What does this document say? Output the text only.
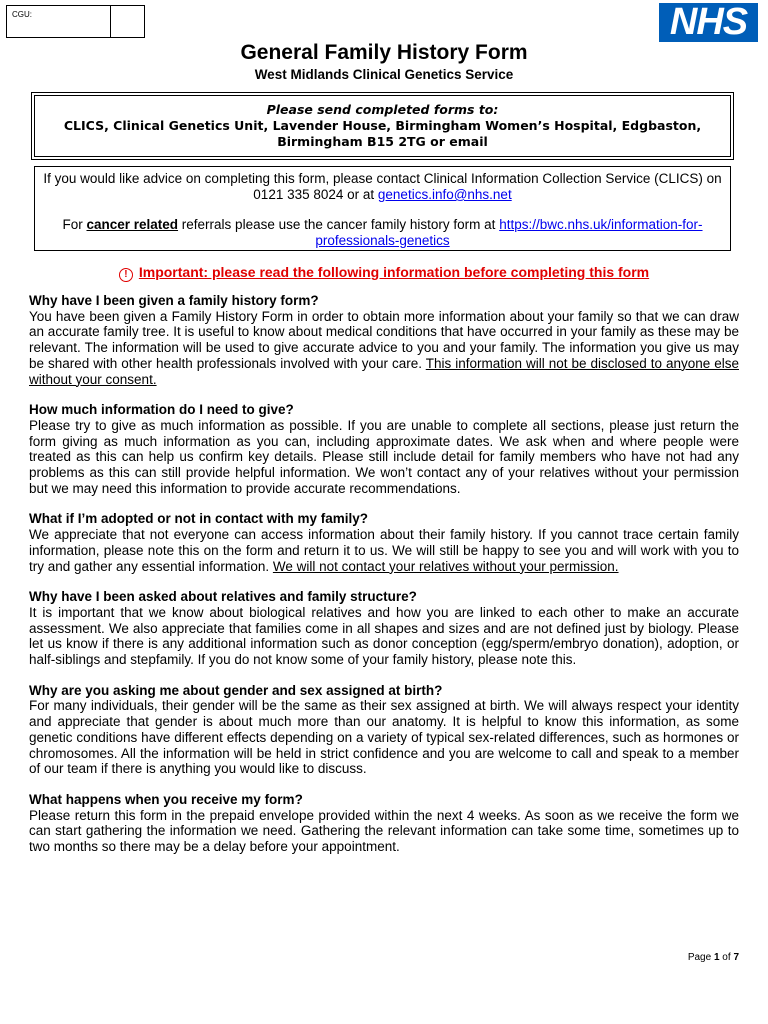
CGU:	NHS
General Family History Form
West Midlands Clinical Genetics Service
Please send completed forms to:
CLICS, Clinical Genetics Unit, Lavender House, Birmingham Women’s Hospital, Edgbaston,
Birmingham B15 2TG or email

If you would like advice on completing this form, please contact Clinical Information Collection Service (CLICS) on 0121 335 8024 or at genetics.info@nhs.net

For cancer related referrals please use the cancer family history form at https://bwc.nhs.uk/information-for-professionals-genetics

! Important: please read the following information before completing this form
Why have I been given a family history form?

You have been given a Family History Form in order to obtain more information about your family so that we can draw an accurate family tree. It is useful to know about medical conditions that have occurred in your family as these may be relevant. The information will be used to give accurate advice to you and your family. The information you give us may be shared with other health professionals involved with your care. This information will not be disclosed to anyone else without your consent.

How much information do I need to give?

Please try to give as much information as possible. If you are unable to complete all sections, please just return the form giving as much information as you can, including approximate dates. We ask when and where people were treated as this can help us confirm key details. Please still include detail for family members who have not had any problems as this can still provide helpful information. We won’t contact any of your relatives without your permission but we may need this information to provide accurate recommendations.

What if I’m adopted or not in contact with my family?

We appreciate that not everyone can access information about their family history. If you cannot trace certain family information, please note this on the form and return it to us. We will still be happy to see you and will work with you to try and gather any essential information. We will not contact your relatives without your permission.

Why have I been asked about relatives and family structure?

It is important that we know about biological relatives and how you are linked to each other to make an accurate assessment. We also appreciate that families come in all shapes and sizes and are not defined just by biology. Please let us know if there is any additional information such as donor conception (egg/sperm/embryo donation), adoption, or half-siblings and stepfamily. If you do not know some of your family history, please note this.

Why are you asking me about gender and sex assigned at birth?

For many individuals, their gender will be the same as their sex assigned at birth. We will always respect your identity and appreciate that gender is about much more than our anatomy. It is helpful to know this information, as some genetic conditions have different effects depending on a variety of typical sex-related differences, such as hormones or chromosomes. All the information will be held in strict confidence and you are welcome to call and speak to a member of our team if there is anything you would like to discuss.

What happens when you receive my form?

Please return this form in the prepaid envelope provided within the next 4 weeks. As soon as we receive the form we can start gathering the information we need. Gathering the relevant information can take some time, sometimes up to two months so there may be a delay before your appointment.

Page 1 of 7
